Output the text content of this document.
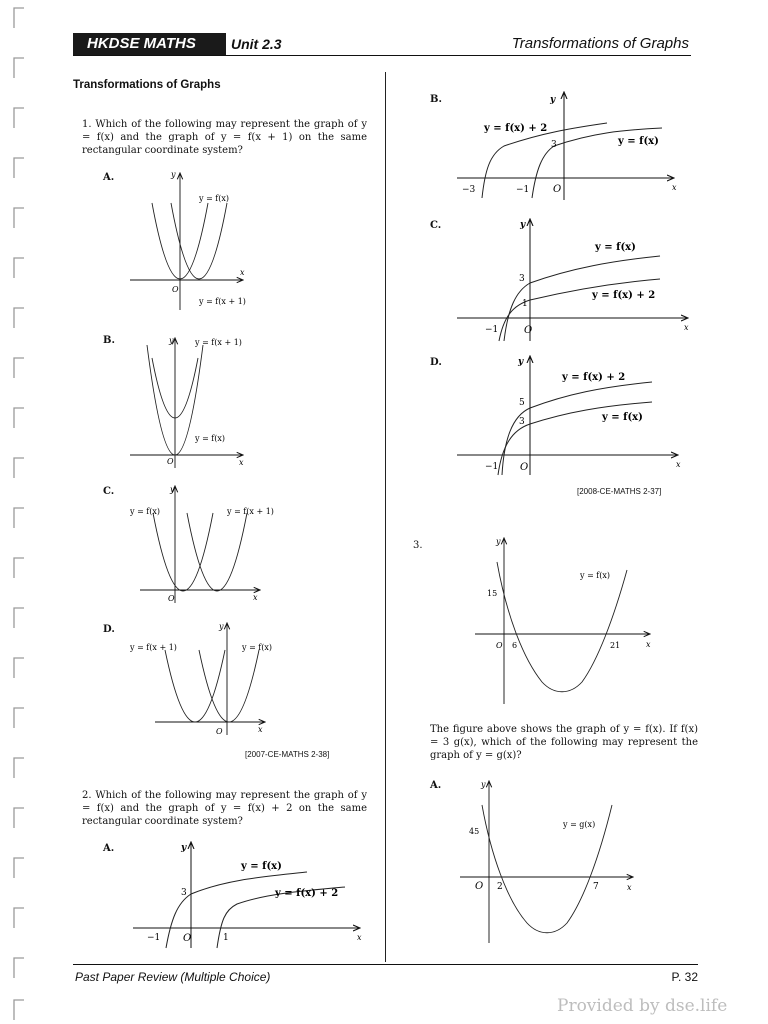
HKDSE MATHS	Unit 2.3	Transformations of Graphs
Transformations of Graphs
1. Which of the following may represent the graph of y = f(x) and the graph of y = f(x + 1) on the same rectangular coordinate system?
A.	y
x
O
y = f(x)
y = f(x + 1)
B.	y
x
O
y = f(x + 1)
y = f(x)
C.	y
x
O
y = f(x)	y = f(x + 1)
D.	y
x
O
y = f(x + 1)	y = f(x)
[2007-CE-MATHS 2-38]
2. Which of the following may represent the graph of y = f(x) and the graph of y = f(x) + 2 on the same rectangular coordinate system?
A.	y
x
O
3
−1	1
y = f(x)
y = f(x) + 2
B.	y
x
O
3
−3	−1
y = f(x) + 2
y = f(x)
C.	y
x
O
3
1
−1
y = f(x)
y = f(x) + 2
D.	y
x
O
5
3
−1
y = f(x) + 2
y = f(x)
[2008-CE-MATHS 2-37]
3.	y
x
O
15
6	21
y = f(x)
The figure above shows the graph of y = f(x). If f(x) = 3 g(x), which of the following may represent the graph of y = g(x)?
A.	y
x
O
45
2	7
y = g(x)
Past Paper Review (Multiple Choice)	P. 32
Provided by dse.life
